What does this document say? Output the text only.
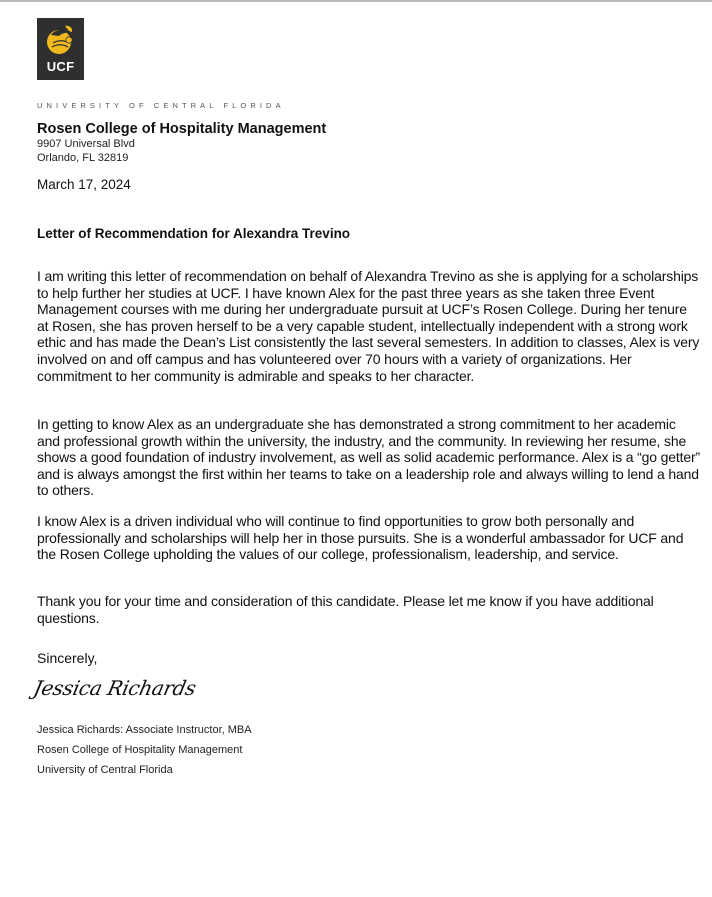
UCF
UNIVERSITY OF CENTRAL FLORIDA
Rosen College of Hospitality Management
9907 Universal Blvd
Orlando, FL 32819
March 17, 2024
Letter of Recommendation for Alexandra Trevino
I am writing this letter of recommendation on behalf of Alexandra Trevino as she is applying for a scholarships to help further her studies at UCF. I have known Alex for the past three years as she taken three Event Management courses with me during her undergraduate pursuit at UCF’s Rosen College. During her tenure at Rosen, she has proven herself to be a very capable student, intellectually independent with a strong work ethic and has made the Dean’s List consistently the last several semesters. In addition to classes, Alex is very involved on and off campus and has volunteered over 70 hours with a variety of organizations. Her commitment to her community is admirable and speaks to her character.
In getting to know Alex as an undergraduate she has demonstrated a strong commitment to her academic and professional growth within the university, the industry, and the community. In reviewing her resume, she shows a good foundation of industry involvement, as well as solid academic performance. Alex is a “go getter” and is always amongst the first within her teams to take on a leadership role and always willing to lend a hand to others.
I know Alex is a driven individual who will continue to find opportunities to grow both personally and professionally and scholarships will help her in those pursuits. She is a wonderful ambassador for UCF and the Rosen College upholding the values of our college, professionalism, leadership, and service.
Thank you for your time and consideration of this candidate. Please let me know if you have additional questions.
Sincerely,
Jessica Richards
Jessica Richards: Associate Instructor, MBA
Rosen College of Hospitality Management
University of Central Florida
